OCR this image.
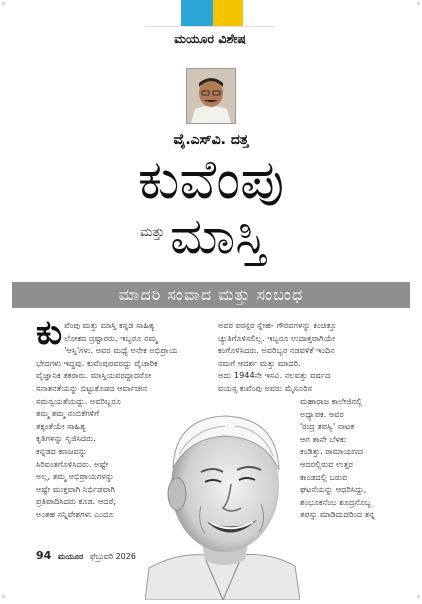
ಮಯೂರ ವಿಶೇಷ
ವೈ.ಎಸ್‌ವಿ. ದತ್ತ
ಕುವೆಂಪು
ಮತ್ತು ಮಾಸ್ತಿ
ಮಾದರಿ ಸಂವಾದ ಮತ್ತು ಸಂಬಂಧ
ಕು ವೆಂಪು ಮತ್ತು ಮಾಸ್ತಿ ಕನ್ನಡ ಸಾಹಿತ್ಯ

ಲೋಕದ ದ್ರಷ್ಟಾರರು. ಇಬ್ಬರೂ ನಮ್ಮ

'ಆಸ್ತಿ'ಗಳು. ಅವರ ಮಧ್ಯೆ ಅನೇಕ ಅಭಿಪ್ರಾಯ

ಭೇದಗಳು ಇದ್ದವು. ಕುವೆಂಪುರವರದ್ದು ವೈಚಾರಿಕ

ವೈಜ್ಞಾನಿಕ ತಕರಾರು. ಮಾಸ್ತಿಯವರದ್ದಾದರೋ

ಸನಾತನತೆಯನ್ನು ಬಿಟ್ಟುಕೊಡದ ಆರ್ವಾಚೀನ

ಸಮನ್ವಯತೆಯದ್ದು. ಅವರಿಬ್ಬರೂ

ತಮ್ಮ ತಮ್ಮ ನಂಬಿಕೆಗಳಿಗೆ

ತಕ್ಕಂತೆಯೇ ಸಾಹಿತ್ಯ

ಕೃತಿಗಳನ್ನು ಸೃಜಿಸಿದರು.

ಕನ್ನಡದ ಕಣಜವನ್ನು

ಸಿರಿವಂತಗೊಳಿಸಿದರು. ಅಷ್ಟೇ

ಅಲ್ಲ, ತಮ್ಮ ಅಭಿಪ್ರಾಯಗಳನ್ನು

ಅಷ್ಟೇ ಮುಕ್ತವಾಗಿ ನಿರ್ಭಿಡವಾಗಿ

ಪ್ರತಿಪಾದಿಸಿದರು ಕೂಡ. ಆದರೆ,

ಅಂತಹ ಸನ್ನಿವೇಶಗಳು ಎಂದೂ

ಅವರ ಪರಸ್ಪರ ಸ್ನೇಹ- ಗೌರವಗಳನ್ನು ಕಿಂಚಿತ್ತೂ

ಚ್ಯುತಿಗೊಳಿಸಲಿಲ್ಲ. ಇಬ್ಬರೂ ಉದಾತ್ತರಾಗಿಯೇ

ಕಂಗೊಳಿಸಿದರು. ಅವರಿಬ್ಬರ ನಡವಳಿಕೆ ಇಂದಿನ

ನಮಗೆ ಆದರ್ಶ ಮತ್ತು ಮಾದರಿ.

ಅದು 1944ನೇ ಇಸವಿ. ನಲವತ್ತು ವರ್ಷದ

ವಯಸ್ಸ ಕುವೆಂಪು ಅವರು ಮೈಸೂರಿನ

ಮಹಾರಾಜ ಕಾಲೇಜಿನಲ್ಲಿ

ಅಧ್ಯಾಪಕ. ಅವರ

'ರುದ್ರ ತಪಸ್ವಿ' ನಾಟಕ

ಆಗ ತಾನೇ ಬೆಳಕು

ಕಂಡಿತ್ತು. ರಾಮಾಯಣದ

ಆದರಲ್ಲಿರುವ ಉತ್ತರ

ಕಾಂಡದಲ್ಲಿ ಬರುವ

ಘಟನೆಯನ್ನು ಆಧರಿಸಿದ್ದು,

ಶಂಭೂಕನೆಂಬ ಶೂದ್ರನೊಬ್ಬ

ತಪಸ್ಸು ಮಾಡಿದುದರಿಂದ ತನ್ನ

94 ಮಯೂರ ಫೆಬ್ರುವರಿ 2026
